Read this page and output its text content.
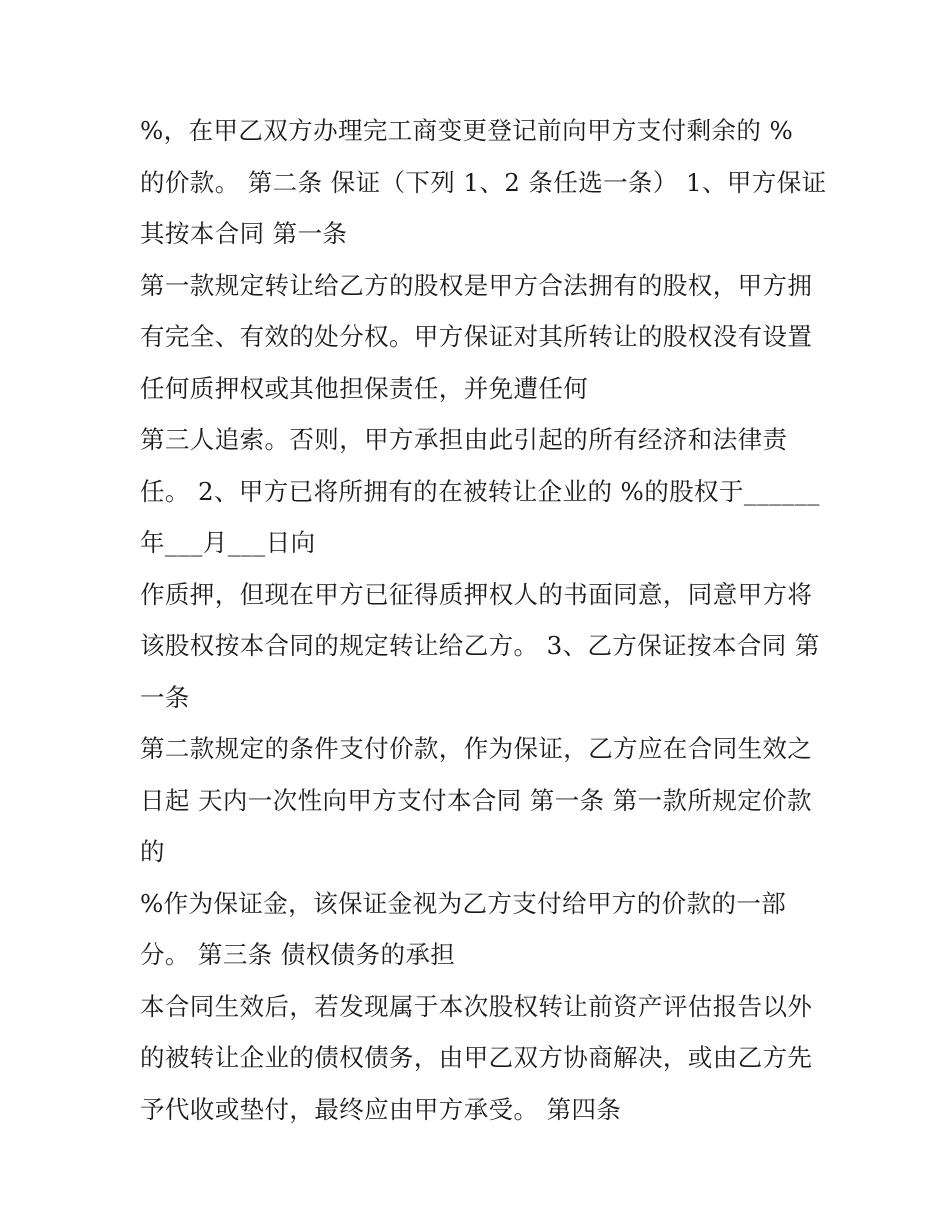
%，在甲乙双方办理完工商变更登记前向甲方支付剩余的 %
的价款。 第二条 保证（下列 1、2 条任选一条） 1、甲方保证
其按本合同 第一条
第一款规定转让给乙方的股权是甲方合法拥有的股权，甲方拥
有完全、有效的处分权。甲方保证对其所转让的股权没有设置
任何质押权或其他担保责任，并免遭任何
第三人追索。否则，甲方承担由此引起的所有经济和法律责
任。 2、甲方已将所拥有的在被转让企业的 %的股权于______
年___月___日向
作质押，但现在甲方已征得质押权人的书面同意，同意甲方将
该股权按本合同的规定转让给乙方。 3、乙方保证按本合同 第
一条
第二款规定的条件支付价款，作为保证，乙方应在合同生效之
日起 天内一次性向甲方支付本合同 第一条 第一款所规定价款
的
%作为保证金，该保证金视为乙方支付给甲方的价款的一部
分。 第三条 债权债务的承担
本合同生效后，若发现属于本次股权转让前资产评估报告以外
的被转让企业的债权债务，由甲乙双方协商解决，或由乙方先
予代收或垫付，最终应由甲方承受。 第四条
